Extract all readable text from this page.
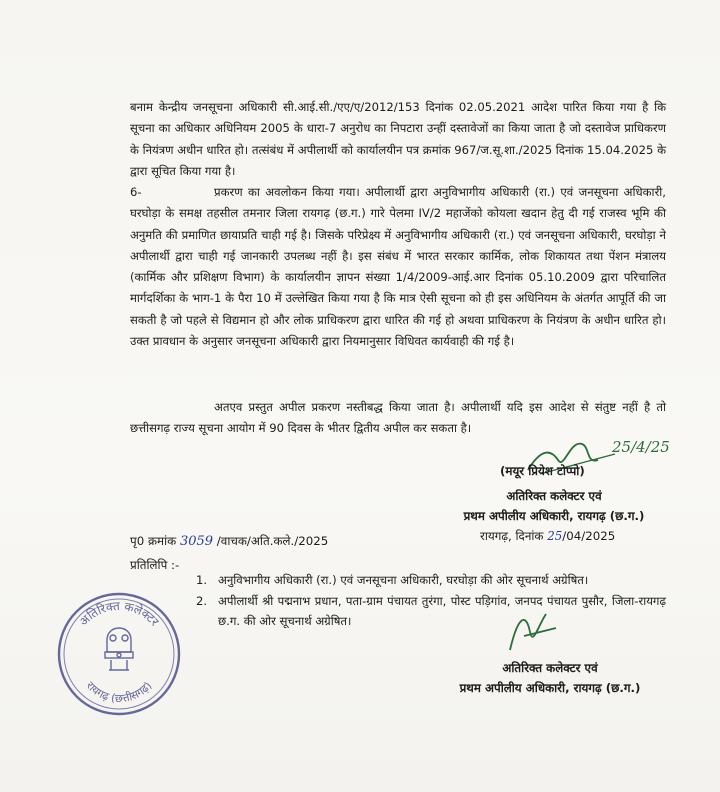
बनाम केन्द्रीय जनसूचना अधिकारी सी.आई.सी./एए/ए/2012/153 दिनांक 02.05.2021 आदेश पारित किया गया है कि सूचना का अधिकार अधिनियम 2005 के धारा-7 अनुरोध का निपटारा उन्हीं दस्तावेजों का किया जाता है जो दस्तावेज प्राधिकरण के नियंत्रण अधीन धारित हो। तत्संबंध में अपीलार्थी को कार्यालयीन पत्र क्रमांक 967/ज.सू.शा./2025 दिनांक 15.04.2025 के द्वारा सूचित किया गया है।

6-	प्रकरण का अवलोकन किया गया। अपीलार्थी द्वारा अनुविभागीय अधिकारी (रा.) एवं जनसूचना अधिकारी, घरघोड़ा के समक्ष तहसील तमनार जिला रायगढ़ (छ.ग.) गारे पेलमा IV/2 महाजेंको कोयला खदान हेतु दी गई राजस्व भूमि की अनुमति की प्रमाणित छायाप्रति चाही गई है। जिसके परिप्रेक्ष्य में अनुविभागीय अधिकारी (रा.) एवं जनसूचना अधिकारी, घरघोड़ा ने अपीलार्थी द्वारा चाही गई जानकारी उपलब्ध नहीं है। इस संबंध में भारत सरकार कार्मिक, लोक शिकायत तथा पेंशन मंत्रालय (कार्मिक और प्रशिक्षण विभाग) के कार्यालयीन ज्ञापन संख्या 1/4/2009-आई.आर दिनांक 05.10.2009 द्वारा परिचालित मार्गदर्शिका के भाग-1 के पैरा 10 में उल्लेखित किया गया है कि मात्र ऐसी सूचना को ही इस अधिनियम के अंतर्गत आपूर्ति की जा सकती है जो पहले से विद्यमान हो और लोक प्राधिकरण द्वारा धारित की गई हो अथवा प्राधिकरण के नियंत्रण के अधीन धारित हो। उक्त प्रावधान के अनुसार जनसूचना अधिकारी द्वारा नियमानुसार विधिवत कार्यवाही की गई है।

अतएव प्रस्तुत अपील प्रकरण नस्तीबद्ध किया जाता है। अपीलार्थी यदि इस आदेश से संतुष्ट नहीं है तो छत्तीसगढ़ राज्य सूचना आयोग में 90 दिवस के भीतर द्वितीय अपील कर सकता है।

25/4/25
(मयूर प्रियेश टोप्पो)
अतिरिक्त कलेक्टर एवं
प्रथम अपीलीय अधिकारी, रायगढ़ (छ.ग.)
रायगढ़, दिनांक 25/04/2025
पृ0 क्रमांक 3059 /वाचक/अति.कले./2025
प्रतिलिपि :-
1. अनुविभागीय अधिकारी (रा.) एवं जनसूचना अधिकारी, घरघोड़ा की ओर सूचनार्थ अग्रेषित।
2. अपीलार्थी श्री पद्मनाभ प्रधान, पता-ग्राम पंचायत तुरंगा, पोस्ट पड़िगांव, जनपद पंचायत पुसौर, जिला-रायगढ़ छ.ग. की ओर सूचनार्थ अग्रेषित।
अतिरिक्त कलेक्टर एवं
प्रथम अपीलीय अधिकारी, रायगढ़ (छ.ग.)
अतिरिक्त कलेक्टर
रायगढ़ (छत्तीसगढ़)
